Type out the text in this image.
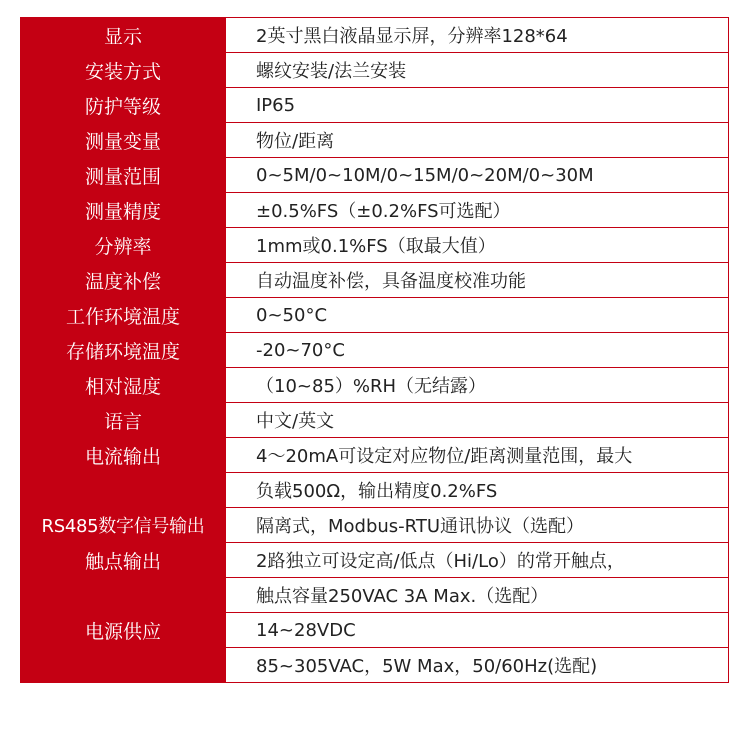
显示	2英寸黑白液晶显示屏，分辨率128*64
安装方式	螺纹安装/法兰安装
防护等级	IP65
测量变量	物位/距离
测量范围	0~5M/0~10M/0~15M/0~20M/0~30M
测量精度	±0.5%FS（±0.2%FS可选配）
分辨率	1mm或0.1%FS（取最大值）
温度补偿	自动温度补偿，具备温度校准功能
工作环境温度	0~50°C
存储环境温度	-20~70°C
相对湿度	（10~85）%RH（无结露）
语言	中文/英文
电流输出	4～20mA可设定对应物位/距离测量范围，最大
	负载500Ω，输出精度0.2%FS
RS485数字信号输出	隔离式，Modbus-RTU通讯协议（选配）
触点输出	2路独立可设定高/低点（Hi/Lo）的常开触点，
	触点容量250VAC 3A Max.（选配）
电源供应	14~28VDC
	85~305VAC，5W Max，50/60Hz(选配)
